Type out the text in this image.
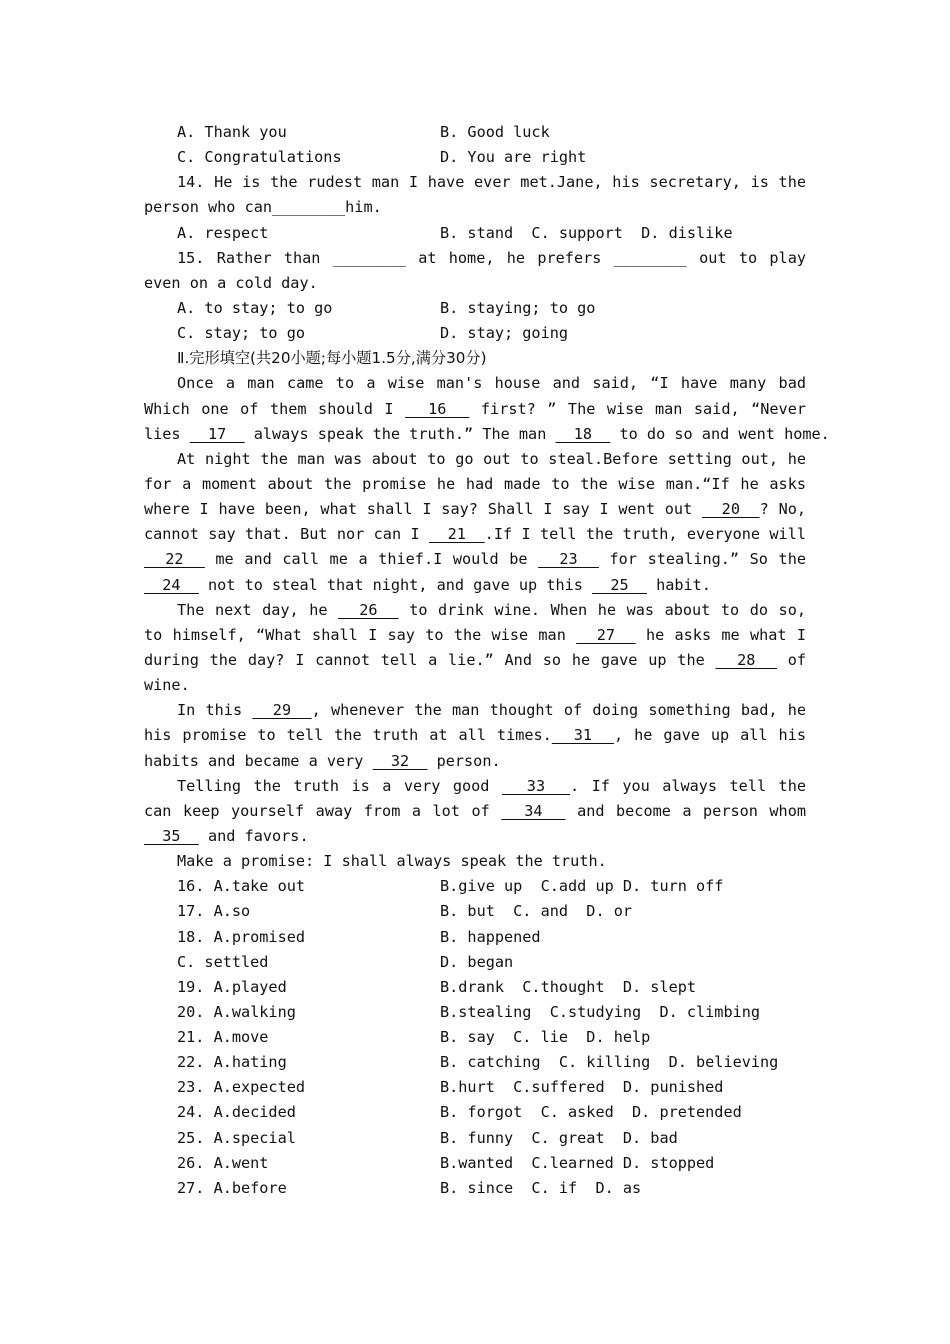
A. Thank you	B. Good luck
C. Congratulations	D. You are right
14. He is the rudest man I have ever met.Jane, his secretary, is the
person who can________him.
A. respect	B. stand  C. support  D. dislike
15. Rather than ________ at home, he prefers ________ out to play
even on a cold day.
A. to stay; to go	B. staying; to go
C. stay; to go	D. stay; going
Ⅱ.完形填空(共20小题;每小题1.5分,满分30分)
Once a man came to a wise man's house and said, “I have many bad
Which one of them should I   16   first? ” The wise man said, “Never
lies   17   always speak the truth.” The man   18   to do so and went home.
At night the man was about to go out to steal.Before setting out, he
for a moment about the promise he had made to the wise man.“If he asks
where I have been, what shall I say? Shall I say I went out   20  ? No,
cannot say that. But nor can I   21  .If I tell the truth, everyone will
22   me and call me a thief.I would be   23   for stealing.” So the
24   not to steal that night, and gave up this   25   habit.
The next day, he   26   to drink wine. When he was about to do so,
to himself, “What shall I say to the wise man   27   he asks me what I
during the day? I cannot tell a lie.” And so he gave up the   28   of
wine.
In this   29  , whenever the man thought of doing something bad, he
his promise to tell the truth at all times.  31  , he gave up all his
habits and became a very   32   person.
Telling the truth is a very good   33  . If you always tell the
can keep yourself away from a lot of   34   and become a person whom
35   and favors.
Make a promise: I shall always speak the truth.
16. A.take out	B.give up  C.add up D. turn off
17. A.so	B. but  C. and  D. or
18. A.promised	B. happened
C. settled	D. began
19. A.played	B.drank  C.thought  D. slept
20. A.walking	B.stealing  C.studying  D. climbing
21. A.move	B. say  C. lie  D. help
22. A.hating	B. catching  C. killing  D. believing
23. A.expected	B.hurt  C.suffered  D. punished
24. A.decided	B. forgot  C. asked  D. pretended
25. A.special	B. funny  C. great  D. bad
26. A.went	B.wanted  C.learned D. stopped
27. A.before	B. since  C. if  D. as
